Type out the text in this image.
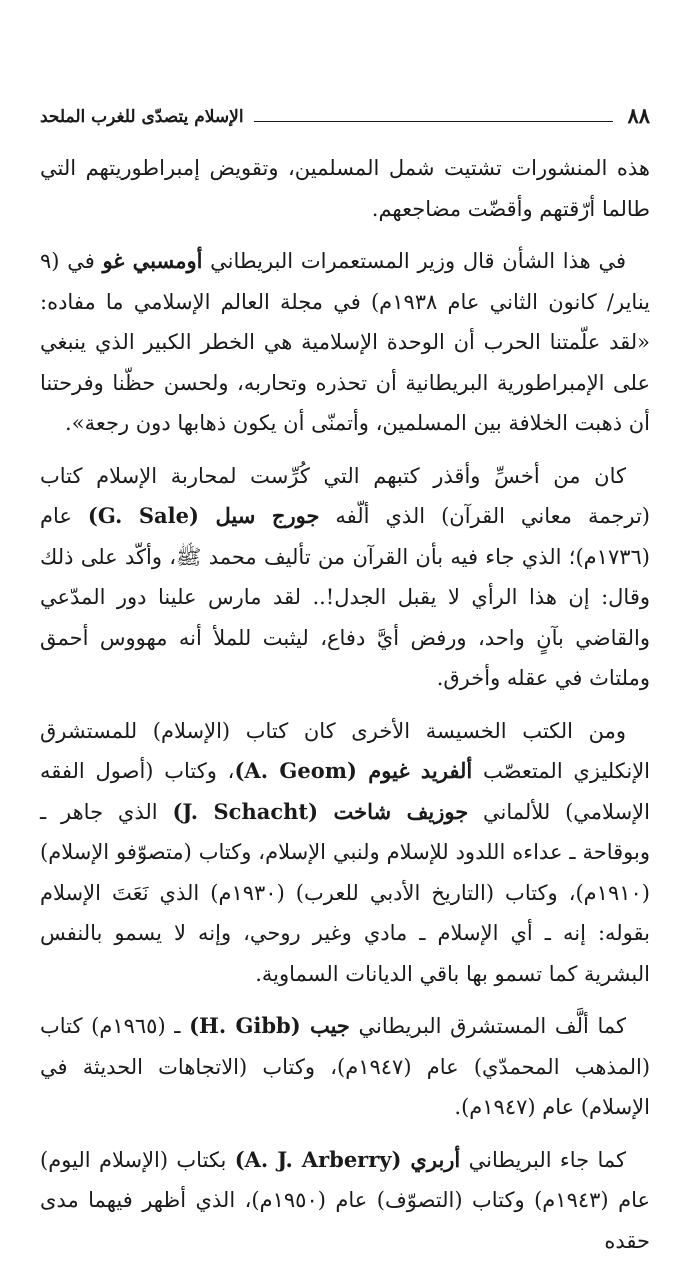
٨٨
الإسلام يتصدّى للغرب الملحد

هذه المنشورات تشتيت شمل المسلمين، وتقويض إمبراطوريتهم التي طالما أرّقتهم وأقضّت مضاجعهم.

في هذا الشأن قال وزير المستعمرات البريطاني أومسبي غو في (٩ يناير/ كانون الثاني عام ١٩٣٨م) في مجلة العالم الإسلامي ما مفاده: «لقد علّمتنا الحرب أن الوحدة الإسلامية هي الخطر الكبير الذي ينبغي على الإمبراطورية البريطانية أن تحذره وتحاربه، ولحسن حظّنا وفرحتنا أن ذهبت الخلافة بين المسلمين، وأتمنّى أن يكون ذهابها دون رجعة».

كان من أخسِّ وأقذر كتبهم التي كُرِّست لمحاربة الإسلام كتاب (ترجمة معاني القرآن) الذي ألّفه جورج سيل (G. Sale) عام (١٧٣٦م)؛ الذي جاء فيه بأن القرآن من تأليف محمد ﷺ، وأكّد على ذلك وقال: إن هذا الرأي لا يقبل الجدل!.. لقد مارس علينا دور المدّعي والقاضي بآنٍ واحد، ورفض أيَّ دفاع، ليثبت للملأ أنه مهووس أحمق وملتاث في عقله وأخرق.

ومن الكتب الخسيسة الأخرى كان كتاب (الإسلام) للمستشرق الإنكليزي المتعصّب ألفريد غيوم (A. Geom)، وكتاب (أصول الفقه الإسلامي) للألماني جوزيف شاخت (J. Schacht) الذي جاهر ـ وبوقاحة ـ عداءه اللدود للإسلام ولنبي الإسلام، وكتاب (متصوّفو الإسلام) (١٩١٠م)، وكتاب (التاريخ الأدبي للعرب) (١٩٣٠م) الذي نَعَتَ الإسلام بقوله: إنه ـ أي الإسلام ـ مادي وغير روحي، وإنه لا يسمو بالنفس البشرية كما تسمو بها باقي الديانات السماوية.

كما ألَّف المستشرق البريطاني جيب (H. Gibb) ـ (١٩٦٥م) كتاب (المذهب المحمدّي) عام (١٩٤٧م)، وكتاب (الاتجاهات الحديثة في الإسلام) عام (١٩٤٧م).

كما جاء البريطاني أربري (A. J. Arberry) بكتاب (الإسلام اليوم) عام (١٩٤٣م) وكتاب (التصوّف) عام (١٩٥٠م)، الذي أظهر فيهما مدى حقده
